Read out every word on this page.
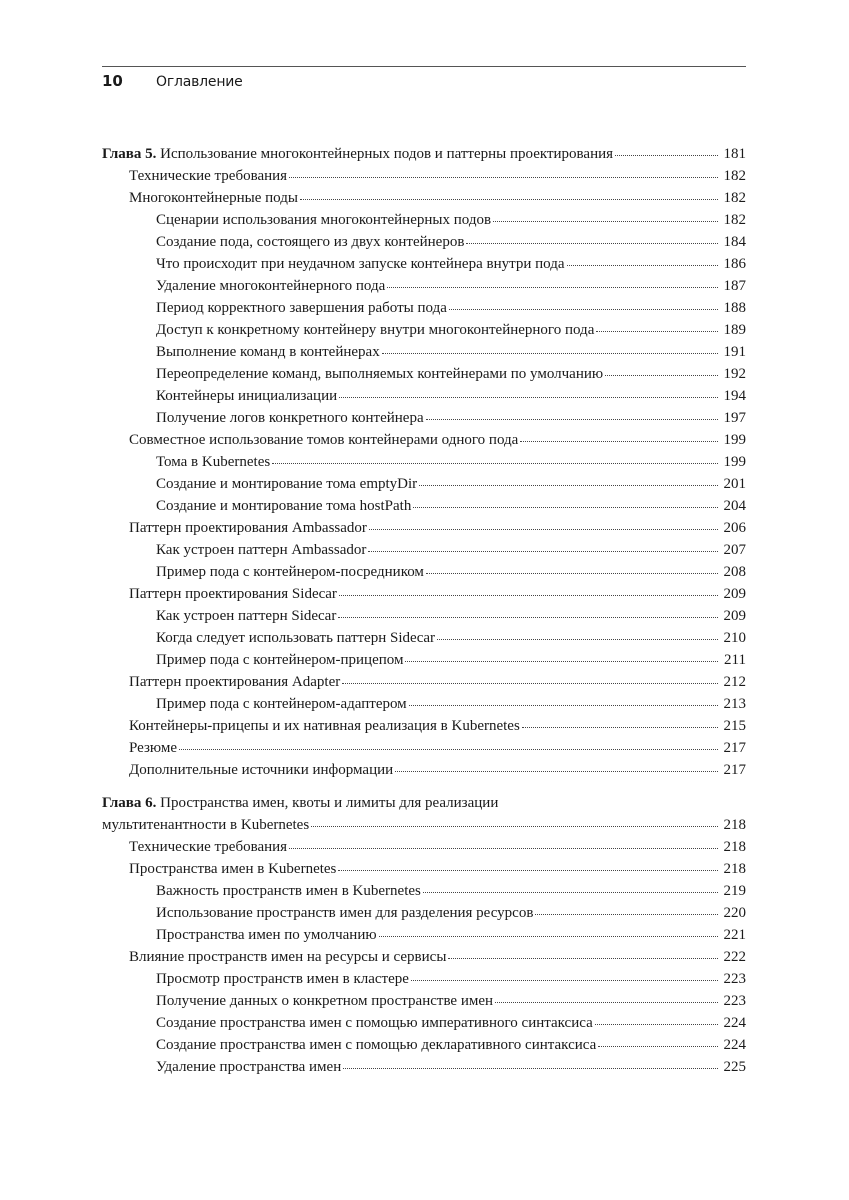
10	Оглавление
Глава 5. Использование многоконтейнерных подов и паттерны проектирования	181
Технические требования	182
Многоконтейнерные поды	182
Сценарии использования многоконтейнерных подов	182
Создание пода, состоящего из двух контейнеров	184
Что происходит при неудачном запуске контейнера внутри пода	186
Удаление многоконтейнерного пода	187
Период корректного завершения работы пода	188
Доступ к конкретному контейнеру внутри многоконтейнерного пода	189
Выполнение команд в контейнерах	191
Переопределение команд, выполняемых контейнерами по умолчанию	192
Контейнеры инициализации	194
Получение логов конкретного контейнера	197
Совместное использование томов контейнерами одного пода	199
Тома в Kubernetes	199
Создание и монтирование тома emptyDir	201
Создание и монтирование тома hostPath	204
Паттерн проектирования Ambassador	206
Как устроен паттерн Ambassador	207
Пример пода с контейнером-посредником	208
Паттерн проектирования Sidecar	209
Как устроен паттерн Sidecar	209
Когда следует использовать паттерн Sidecar	210
Пример пода с контейнером-прицепом	211
Паттерн проектирования Adapter	212
Пример пода с контейнером-адаптером	213
Контейнеры-прицепы и их нативная реализация в Kubernetes	215
Резюме	217
Дополнительные источники информации	217
Глава 6. Пространства имен, квоты и лимиты для реализации
мультитенантности в Kubernetes	218
Технические требования	218
Пространства имен в Kubernetes	218
Важность пространств имен в Kubernetes	219
Использование пространств имен для разделения ресурсов	220
Пространства имен по умолчанию	221
Влияние пространств имен на ресурсы и сервисы	222
Просмотр пространств имен в кластере	223
Получение данных о конкретном пространстве имен	223
Создание пространства имен с помощью императивного синтаксиса	224
Создание пространства имен с помощью декларативного синтаксиса	224
Удаление пространства имен	225
